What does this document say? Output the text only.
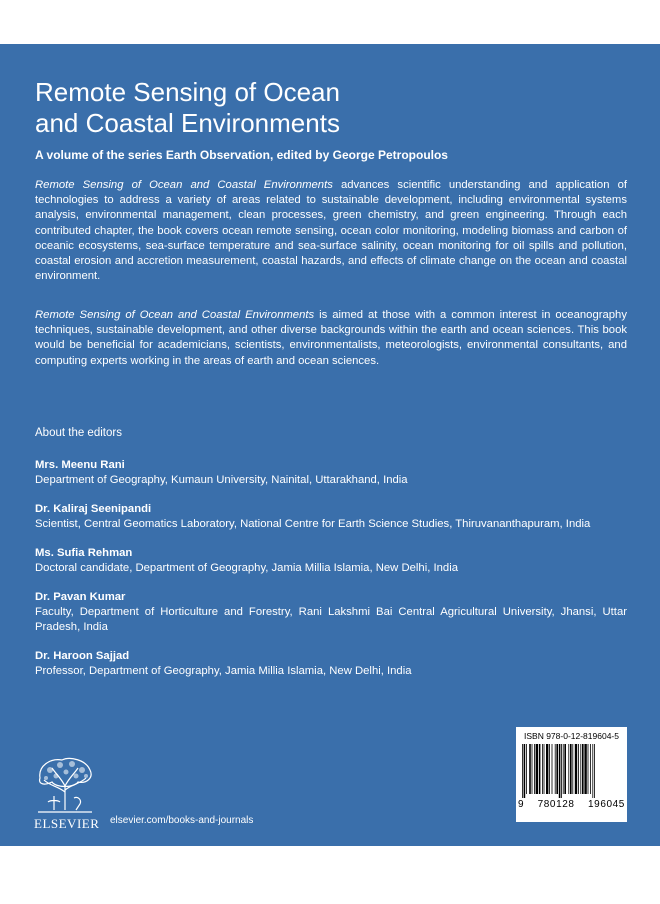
Remote Sensing of Ocean
and Coastal Environments

A volume of the series Earth Observation, edited by George Petropoulos

Remote Sensing of Ocean and Coastal Environments advances scientific understanding and application of technologies to address a variety of areas related to sustainable development, including environmental systems analysis, environmental management, clean processes, green chemistry, and green engineering. Through each contributed chapter, the book covers ocean remote sensing, ocean color monitoring, modeling biomass and carbon of oceanic ecosystems, sea-surface temperature and sea-surface salinity, ocean monitoring for oil spills and pollution, coastal erosion and accretion measurement, coastal hazards, and effects of climate change on the ocean and coastal environment.

Remote Sensing of Ocean and Coastal Environments is aimed at those with a common interest in oceanography techniques, sustainable development, and other diverse backgrounds within the earth and ocean sciences. This book would be beneficial for academicians, scientists, environmentalists, meteorologists, environmental consultants, and computing experts working in the areas of earth and ocean sciences.

About the editors
Mrs. Meenu Rani
Department of Geography, Kumaun University, Nainital, Uttarakhand, India
Dr. Kaliraj Seenipandi
Scientist, Central Geomatics Laboratory, National Centre for Earth Science Studies, Thiruvananthapuram, India
Ms. Sufia Rehman
Doctoral candidate, Department of Geography, Jamia Millia Islamia, New Delhi, India
Dr. Pavan Kumar
Faculty, Department of Horticulture and Forestry, Rani Lakshmi Bai Central Agricultural University, Jhansi, Uttar Pradesh, India
Dr. Haroon Sajjad
Professor, Department of Geography, Jamia Millia Islamia, New Delhi, India
ELSEVIER elsevier.com/books-and-journals
ISBN 978-0-12-819604-5
9 780128 196045
